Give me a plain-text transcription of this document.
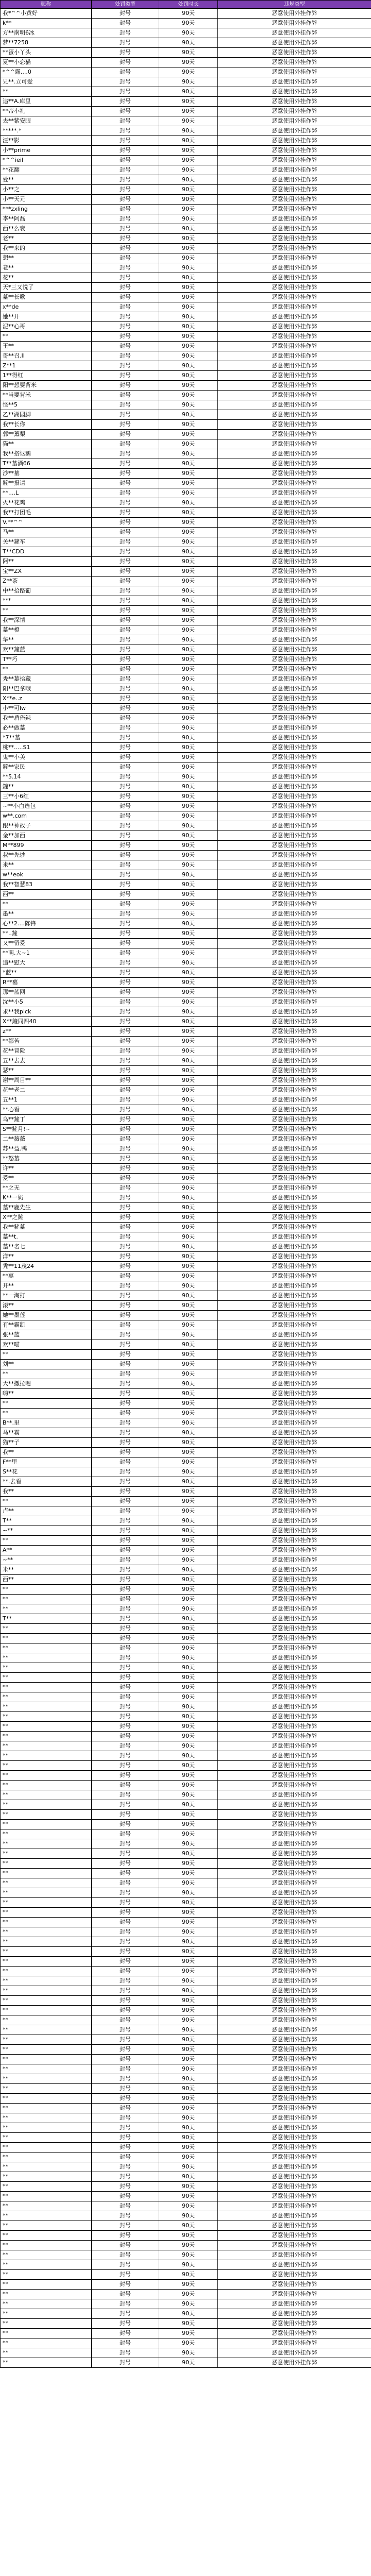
昵称	处罚类型	处罚时长	违规类型
我*^^小黄好	封号	90天	恶意使用外挂作弊
k**	封号	90天	恶意使用外挂作弊
方**南明6冰	封号	90天	恶意使用外挂作弊
梦**7258	封号	90天	恶意使用外挂作弊
**蛋小丫头	封号	90天	恶意使用外挂作弊
夏**小恋猫	封号	90天	恶意使用外挂作弊
*^^露....0	封号	90天	恶意使用外挂作弊
兄**.立可爱	封号	90天	恶意使用外挂作弊
**	封号	90天	恶意使用外挂作弊
追**A.库里	封号	90天	恶意使用外挂作弊
**帝小礼	封号	90天	恶意使用外挂作弊
去**紫安眼	封号	90天	恶意使用外挂作弊
*****.*	封号	90天	恶意使用外挂作弊
汪**影	封号	90天	恶意使用外挂作弊
小**prime	封号	90天	恶意使用外挂作弊
*^^ieil	封号	90天	恶意使用外挂作弊
**花翻	封号	90天	恶意使用外挂作弊
爱**	封号	90天	恶意使用外挂作弊
小**之	封号	90天	恶意使用外挂作弊
小**天元	封号	90天	恶意使用外挂作弊
***zxling	封号	90天	恶意使用外挂作弊
李**阿磊	封号	90天	恶意使用外挂作弊
西**么衰	封号	90天	恶意使用外挂作弊
老**	封号	90天	恶意使用外挂作弊
我**来的	封号	90天	恶意使用外挂作弊
想**	封号	90天	恶意使用外挂作弊
老**	封号	90天	恶意使用外挂作弊
花**	封号	90天	恶意使用外挂作弊
天*三又悦了	封号	90天	恶意使用外挂作弊
墓**长歌	封号	90天	恶意使用外挂作弊
x**de	封号	90天	恶意使用外挂作弊
她**开	封号	90天	恶意使用外挂作弊
泥**心哥	封号	90天	恶意使用外挂作弊
**	封号	90天	恶意使用外挂作弊
王**	封号	90天	恶意使用外挂作弊
哥**召.II	封号	90天	恶意使用外挂作弊
Z**1	封号	90天	恶意使用外挂作弊
1**得红	封号	90天	恶意使用外挂作弊
阳**想要背米	封号	90天	恶意使用外挂作弊
**当要背米	封号	90天	恶意使用外挂作弊
怪**5	封号	90天	恶意使用外挂作弊
乙**湖园脚	封号	90天	恶意使用外挂作弊
我**长你	封号	90天	恶意使用外挂作弊
郭**薰梨	封号	90天	恶意使用外挂作弊
猫**	封号	90天	恶意使用外挂作弊
我**搭讴鹅	封号	90天	恶意使用外挂作弊
T**墓酒66	封号	90天	恶意使用外挂作弊
沙**墓	封号	90天	恶意使用外挂作弊
鏟**报请	封号	90天	恶意使用外挂作弊
**....L	封号	90天	恶意使用外挂作弊
火**花鸡	封号	90天	恶意使用外挂作弊
我**打团毛	封号	90天	恶意使用外挂作弊
V.**^^	封号	90天	恶意使用外挂作弊
马**	封号	90天	恶意使用外挂作弊
关**鏟车	封号	90天	恶意使用外挂作弊
T**CDD	封号	90天	恶意使用外挂作弊
阿**	封号	90天	恶意使用外挂作弊
宝**ZX	封号	90天	恶意使用外挂作弊
Z**茶	封号	90天	恶意使用外挂作弊
中**拾路葡	封号	90天	恶意使用外挂作弊
***	封号	90天	恶意使用外挂作弊
**	封号	90天	恶意使用外挂作弊
我**深情	封号	90天	恶意使用外挂作弊
墓**橙	封号	90天	恶意使用外挂作弊
华**	封号	90天	恶意使用外挂作弊
欢**鏟蓝	封号	90天	恶意使用外挂作弊
T**巧	封号	90天	恶意使用外挂作弊
**	封号	90天	恶意使用外挂作弊
秃**墓拾藏	封号	90天	恶意使用外挂作弊
阳**巴拿哦	封号	90天	恶意使用外挂作弊
X**e..z	封号	90天	恶意使用外挂作弊
小**可lw	封号	90天	恶意使用外挂作弊
我**盾俺辣	封号	90天	恶意使用外挂作弊
必**做墓	封号	90天	恶意使用外挂作弊
*7**墓	封号	90天	恶意使用外挂作弊
桃**.....S1	封号	90天	恶意使用外挂作弊
鬼**小美	封号	90天	恶意使用外挂作弊
鏟**家民	封号	90天	恶意使用外挂作弊
**5.14	封号	90天	恶意使用外挂作弊
鏟**	封号	90天	恶意使用外挂作弊
三**小6红	封号	90天	恶意使用外挂作弊
~**小白选包	封号	90天	恶意使用外挂作弊
w**.com	封号	90天	恶意使用外挂作弊
跟**神故子	封号	90天	恶意使用外挂作弊
金**加西	封号	90天	恶意使用外挂作弊
M**899	封号	90天	恶意使用外挂作弊
叔**先炒	封号	90天	恶意使用外挂作弊
米**	封号	90天	恶意使用外挂作弊
w**eok	封号	90天	恶意使用外挂作弊
我**智慧83	封号	90天	恶意使用外挂作弊
西**	封号	90天	恶意使用外挂作弊
**	封号	90天	恶意使用外挂作弊
墨**	封号	90天	恶意使用外挂作弊
心**2....陈锋	封号	90天	恶意使用外挂作弊
**..鏟	封号	90天	恶意使用外挂作弊
又**留爱	封号	90天	恶意使用外挂作弊
**萌.大~1	封号	90天	恶意使用外挂作弊
追**慰大	封号	90天	恶意使用外挂作弊
*蓝**	封号	90天	恶意使用外挂作弊
R**墓	封号	90天	恶意使用外挂作弊
那**蓝网	封号	90天	恶意使用外挂作弊
沈**小5	封号	90天	恶意使用外挂作弊
求**我pick	封号	90天	恶意使用外挂作弊
X**鏟同四40	封号	90天	恶意使用外挂作弊
z**	封号	90天	恶意使用外挂作弊
**都苦	封号	90天	恶意使用外挂作弊
花**冒险	封号	90天	恶意使用外挂作弊
五**去去	封号	90天	恶意使用外挂作弊
瑟**	封号	90天	恶意使用外挂作弊
谢**周目**	封号	90天	恶意使用外挂作弊
花**老二	封号	90天	恶意使用外挂作弊
五**1	封号	90天	恶意使用外挂作弊
**心看	封号	90天	恶意使用外挂作弊
乌**鏟丁	封号	90天	恶意使用外挂作弊
S**鏟月!~	封号	90天	恶意使用外挂作弊
二**薇薇	封号	90天	恶意使用外挂作弊
苏**益.鸭	封号	90天	恶意使用外挂作弊
**怒墓	封号	90天	恶意使用外挂作弊
许**	封号	90天	恶意使用外挂作弊
爱**	封号	90天	恶意使用外挂作弊
**之无	封号	90天	恶意使用外挂作弊
K**一奶	封号	90天	恶意使用外挂作弊
墓**鹿先生	封号	90天	恶意使用外挂作弊
X**之鏟	封号	90天	恶意使用外挂作弊
我**鏟墓	封号	90天	恶意使用外挂作弊
墓**t.	封号	90天	恶意使用外挂作弊
墓**名七	封号	90天	恶意使用外挂作弊
洋**	封号	90天	恶意使用外挂作弊
秃**11茂24	封号	90天	恶意使用外挂作弊
**墓	封号	90天	恶意使用外挂作弊
开**	封号	90天	恶意使用外挂作弊
**一淘打	封号	90天	恶意使用外挂作弊
滚**	封号	90天	恶意使用外挂作弊
她**墨莲	封号	90天	恶意使用外挂作弊
有**霸凯	封号	90天	恶意使用外挂作弊
张**蓝	封号	90天	恶意使用外挂作弊
欢**喵	封号	90天	恶意使用外挂作弊
**	封号	90天	恶意使用外挂作弊
刘**	封号	90天	恶意使用外挂作弊
**	封号	90天	恶意使用外挂作弊
大**撒拉嗯	封号	90天	恶意使用外挂作弊
嗨**	封号	90天	恶意使用外挂作弊
**	封号	90天	恶意使用外挂作弊
**	封号	90天	恶意使用外挂作弊
B**.里	封号	90天	恶意使用外挂作弊
马**霸	封号	90天	恶意使用外挂作弊
猫**子	封号	90天	恶意使用外挂作弊
我**	封号	90天	恶意使用外挂作弊
F**里	封号	90天	恶意使用外挂作弊
S**花	封号	90天	恶意使用外挂作弊
**.去看	封号	90天	恶意使用外挂作弊
我**	封号	90天	恶意使用外挂作弊
**	封号	90天	恶意使用外挂作弊
卢**	封号	90天	恶意使用外挂作弊
T**	封号	90天	恶意使用外挂作弊
~**	封号	90天	恶意使用外挂作弊
**	封号	90天	恶意使用外挂作弊
A**	封号	90天	恶意使用外挂作弊
~**	封号	90天	恶意使用外挂作弊
米**	封号	90天	恶意使用外挂作弊
西**	封号	90天	恶意使用外挂作弊
**	封号	90天	恶意使用外挂作弊
**	封号	90天	恶意使用外挂作弊
**	封号	90天	恶意使用外挂作弊
T**	封号	90天	恶意使用外挂作弊
**	封号	90天	恶意使用外挂作弊
**	封号	90天	恶意使用外挂作弊
**	封号	90天	恶意使用外挂作弊
**	封号	90天	恶意使用外挂作弊
**	封号	90天	恶意使用外挂作弊
**	封号	90天	恶意使用外挂作弊
**	封号	90天	恶意使用外挂作弊
**	封号	90天	恶意使用外挂作弊
**	封号	90天	恶意使用外挂作弊
**	封号	90天	恶意使用外挂作弊
**	封号	90天	恶意使用外挂作弊
**	封号	90天	恶意使用外挂作弊
**	封号	90天	恶意使用外挂作弊
**	封号	90天	恶意使用外挂作弊
**	封号	90天	恶意使用外挂作弊
**	封号	90天	恶意使用外挂作弊
**	封号	90天	恶意使用外挂作弊
**	封号	90天	恶意使用外挂作弊
**	封号	90天	恶意使用外挂作弊
**	封号	90天	恶意使用外挂作弊
**	封号	90天	恶意使用外挂作弊
**	封号	90天	恶意使用外挂作弊
**	封号	90天	恶意使用外挂作弊
**	封号	90天	恶意使用外挂作弊
**	封号	90天	恶意使用外挂作弊
**	封号	90天	恶意使用外挂作弊
**	封号	90天	恶意使用外挂作弊
**	封号	90天	恶意使用外挂作弊
**	封号	90天	恶意使用外挂作弊
**	封号	90天	恶意使用外挂作弊
**	封号	90天	恶意使用外挂作弊
**	封号	90天	恶意使用外挂作弊
**	封号	90天	恶意使用外挂作弊
**	封号	90天	恶意使用外挂作弊
**	封号	90天	恶意使用外挂作弊
**	封号	90天	恶意使用外挂作弊
**	封号	90天	恶意使用外挂作弊
**	封号	90天	恶意使用外挂作弊
**	封号	90天	恶意使用外挂作弊
**	封号	90天	恶意使用外挂作弊
**	封号	90天	恶意使用外挂作弊
**	封号	90天	恶意使用外挂作弊
**	封号	90天	恶意使用外挂作弊
**	封号	90天	恶意使用外挂作弊
**	封号	90天	恶意使用外挂作弊
**	封号	90天	恶意使用外挂作弊
**	封号	90天	恶意使用外挂作弊
**	封号	90天	恶意使用外挂作弊
**	封号	90天	恶意使用外挂作弊
**	封号	90天	恶意使用外挂作弊
**	封号	90天	恶意使用外挂作弊
**	封号	90天	恶意使用外挂作弊
**	封号	90天	恶意使用外挂作弊
**	封号	90天	恶意使用外挂作弊
**	封号	90天	恶意使用外挂作弊
**	封号	90天	恶意使用外挂作弊
**	封号	90天	恶意使用外挂作弊
**	封号	90天	恶意使用外挂作弊
**	封号	90天	恶意使用外挂作弊
**	封号	90天	恶意使用外挂作弊
**	封号	90天	恶意使用外挂作弊
**	封号	90天	恶意使用外挂作弊
**	封号	90天	恶意使用外挂作弊
**	封号	90天	恶意使用外挂作弊
**	封号	90天	恶意使用外挂作弊
**	封号	90天	恶意使用外挂作弊
**	封号	90天	恶意使用外挂作弊
**	封号	90天	恶意使用外挂作弊
**	封号	90天	恶意使用外挂作弊
**	封号	90天	恶意使用外挂作弊
**	封号	90天	恶意使用外挂作弊
**	封号	90天	恶意使用外挂作弊
**	封号	90天	恶意使用外挂作弊
**	封号	90天	恶意使用外挂作弊
**	封号	90天	恶意使用外挂作弊
**	封号	90天	恶意使用外挂作弊
